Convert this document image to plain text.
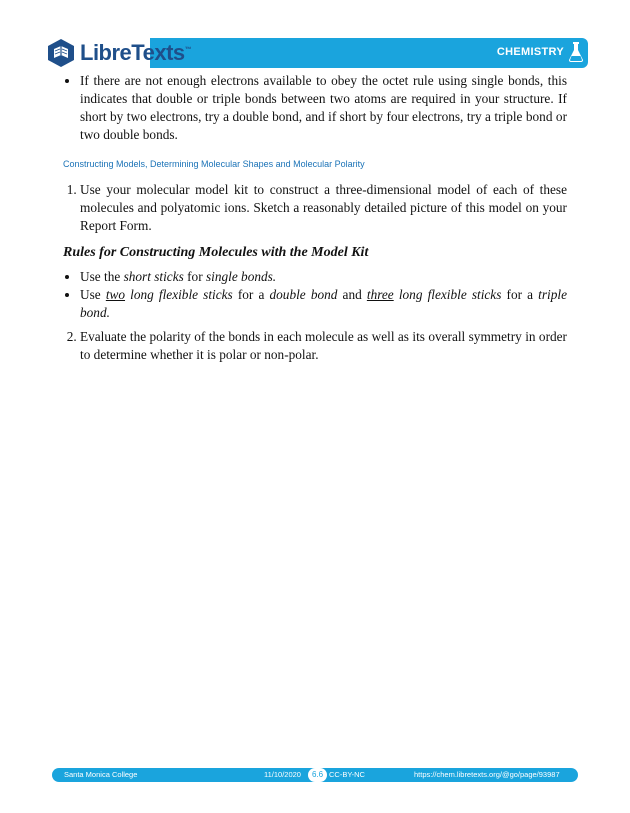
LibreTexts™	CHEMISTRY
• If there are not enough electrons available to obey the octet rule using single bonds, this indicates that double or triple bonds between two atoms are required in your structure. If short by two electrons, try a double bond, and if short by four electrons, try a triple bond or two double bonds.
Constructing Models, Determining Molecular Shapes and Molecular Polarity
1. Use your molecular model kit to construct a three-dimensional model of each of these molecules and polyatomic ions. Sketch a reasonably detailed picture of this model on your Report Form.
Rules for Constructing Molecules with the Model Kit
• Use the short sticks for single bonds.
• Use two long flexible sticks for a double bond and three long flexible sticks for a triple bond.
2. Evaluate the polarity of the bonds in each molecule as well as its overall symmetry in order to determine whether it is polar or non-polar.
Santa Monica College	11/10/2020	6.6 CC-BY-NC	https://chem.libretexts.org/@go/page/93987
